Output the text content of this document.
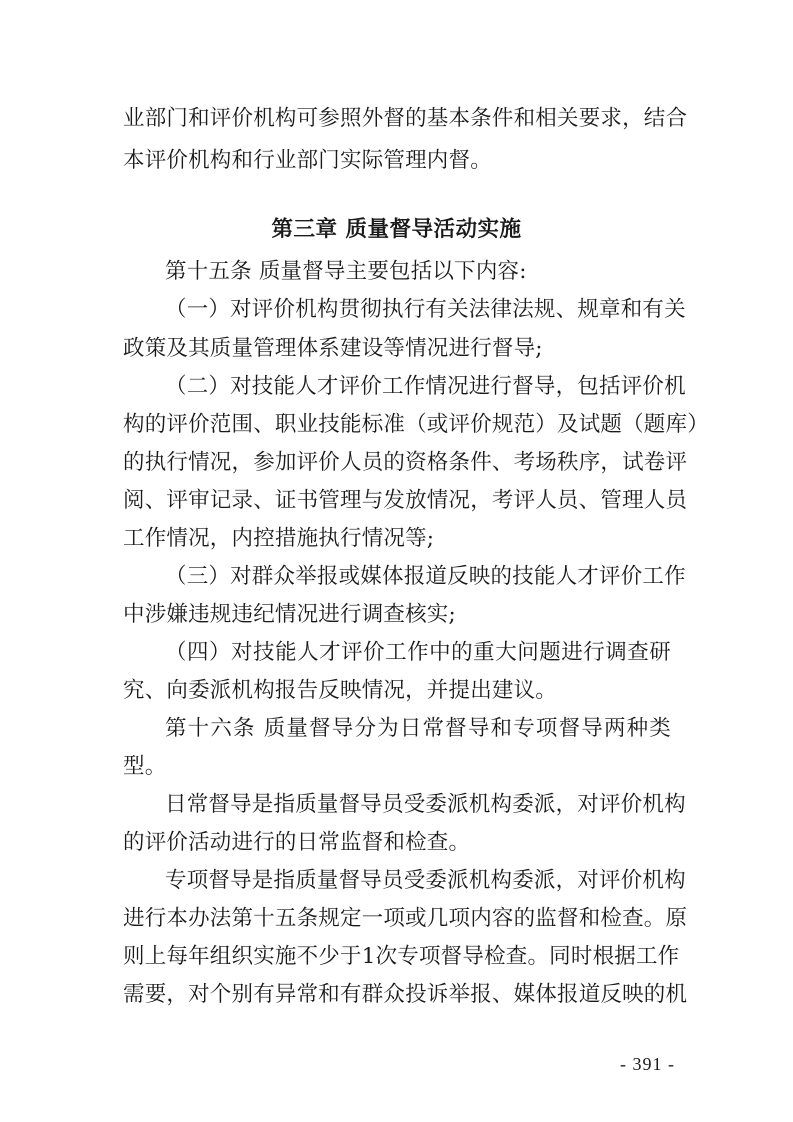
业部门和评价机构可参照外督的基本条件和相关要求，结合
本评价机构和行业部门实际管理内督。
第三章 质量督导活动实施
第十五条 质量督导主要包括以下内容:
（一）对评价机构贯彻执行有关法律法规、规章和有关
政策及其质量管理体系建设等情况进行督导;
（二）对技能人才评价工作情况进行督导，包括评价机
构的评价范围、职业技能标准（或评价规范）及试题（题库）
的执行情况，参加评价人员的资格条件、考场秩序，试卷评
阅、评审记录、证书管理与发放情况，考评人员、管理人员
工作情况，内控措施执行情况等;
（三）对群众举报或媒体报道反映的技能人才评价工作
中涉嫌违规违纪情况进行调查核实;
（四）对技能人才评价工作中的重大问题进行调查研
究、向委派机构报告反映情况，并提出建议。
第十六条 质量督导分为日常督导和专项督导两种类
型。
日常督导是指质量督导员受委派机构委派，对评价机构
的评价活动进行的日常监督和检查。
专项督导是指质量督导员受委派机构委派，对评价机构
进行本办法第十五条规定一项或几项内容的监督和检查。原
则上每年组织实施不少于1次专项督导检查。同时根据工作
需要，对个别有异常和有群众投诉举报、媒体报道反映的机
- 391 -
